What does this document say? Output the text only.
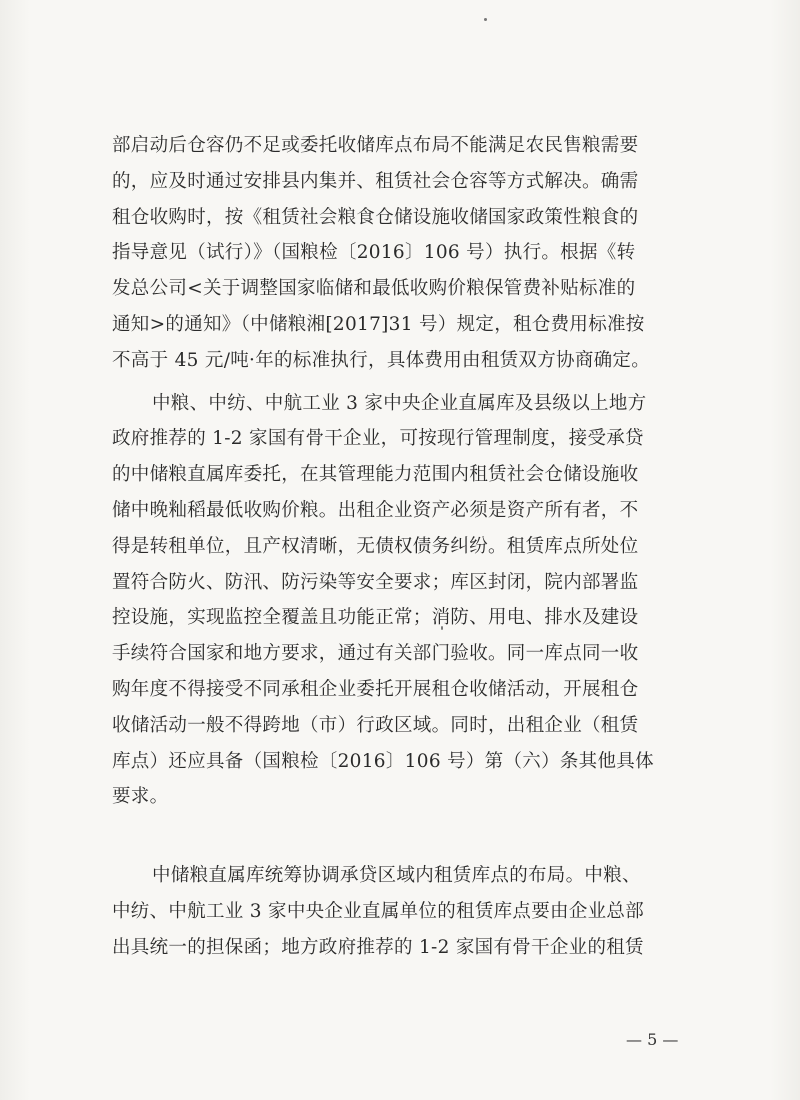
部启动后仓容仍不足或委托收储库点布局不能满足农民售粮需要
的，应及时通过安排县内集并、租赁社会仓容等方式解决。确需
租仓收购时，按《租赁社会粮食仓储设施收储国家政策性粮食的
指导意见（试行）》（国粮检〔2016〕106 号）执行。根据《转
发总公司<关于调整国家临储和最低收购价粮保管费补贴标准的
通知>的通知》（中储粮湘[2017]31 号）规定，租仓费用标准按
不高于 45 元/吨·年的标准执行，具体费用由租赁双方协商确定。
中粮、中纺、中航工业 3 家中央企业直属库及县级以上地方
政府推荐的 1-2 家国有骨干企业，可按现行管理制度，接受承贷
的中储粮直属库委托，在其管理能力范围内租赁社会仓储设施收
储中晚籼稻最低收购价粮。出租企业资产必须是资产所有者，不
得是转租单位，且产权清晰，无债权债务纠纷。租赁库点所处位
置符合防火、防汛、防污染等安全要求；库区封闭，院内部署监
控设施，实现监控全覆盖且功能正常；消防、用电、排水及建设
手续符合国家和地方要求，通过有关部门验收。同一库点同一收
购年度不得接受不同承租企业委托开展租仓收储活动，开展租仓
收储活动一般不得跨地（市）行政区域。同时，出租企业（租赁
库点）还应具备（国粮检〔2016〕106 号）第（六）条其他具体
要求。
中储粮直属库统筹协调承贷区域内租赁库点的布局。中粮、
中纺、中航工业 3 家中央企业直属单位的租赁库点要由企业总部
出具统一的担保函；地方政府推荐的 1-2 家国有骨干企业的租赁
— 5 —
